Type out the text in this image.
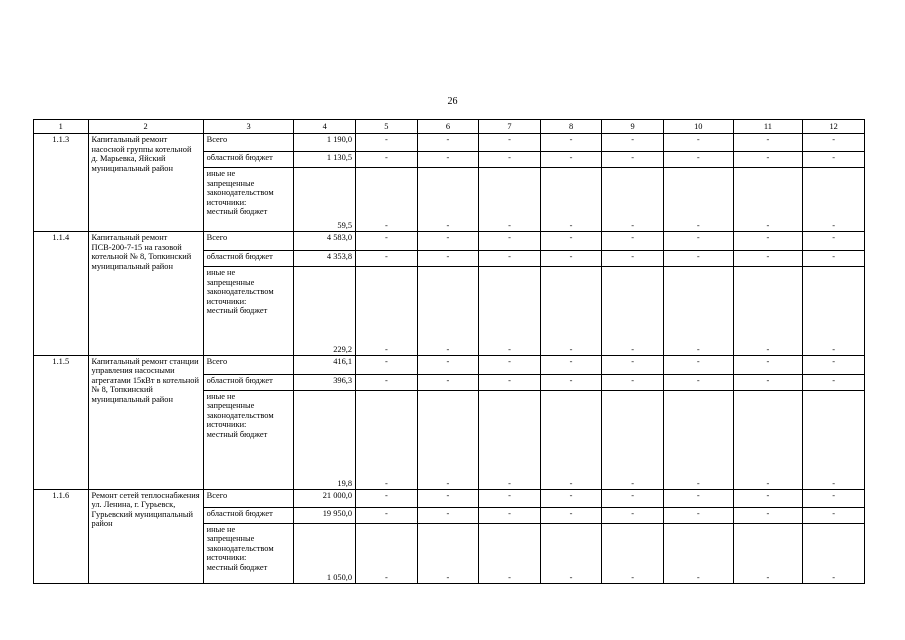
26
1	2	3	4	5	6	7	8	9	10	11	12
1.1.3	Капитальный ремонт насосной группы котельной д. Марьевка, Яйский муниципальный район	Всего	1 190,0	-	-	-	-	-	-	-	-
		областной бюджет	1 130,5	-	-	-	-	-	-	-	-

		иные не
запрещенные
законодательством
источники:
местный бюджет	59,5	-	-	-	-	-	-	-	-
1.1.4	Капитальный ремонт ПСВ-200-7-15 на газовой котельной № 8, Топкинский муниципальный район	Всего	4 583,0	-	-	-	-	-	-	-	-
		областной бюджет	4 353,8	-	-	-	-	-	-	-	-

		иные не
запрещенные
законодательством
источники:
местный бюджет	229,2	-	-	-	-	-	-	-	-
1.1.5	Капитальный ремонт станции управления насосными агрегатами 15кВт в котельной № 8, Топкинский муниципальный район	Всего	416,1	-	-	-	-	-	-	-	-
		областной бюджет	396,3	-	-	-	-	-	-	-	-

		иные не
запрещенные
законодательством
источники:
местный бюджет	19,8	-	-	-	-	-	-	-	-
1.1.6	Ремонт сетей теплоснабжения ул. Ленина, г. Гурьевск, Гурьевский муниципальный район	Всего	21 000,0	-	-	-	-	-	-	-	-
		областной бюджет	19 950,0	-	-	-	-	-	-	-	-

		иные не
запрещенные
законодательством
источники:
местный бюджет	1 050,0	-	-	-	-	-	-	-	-
